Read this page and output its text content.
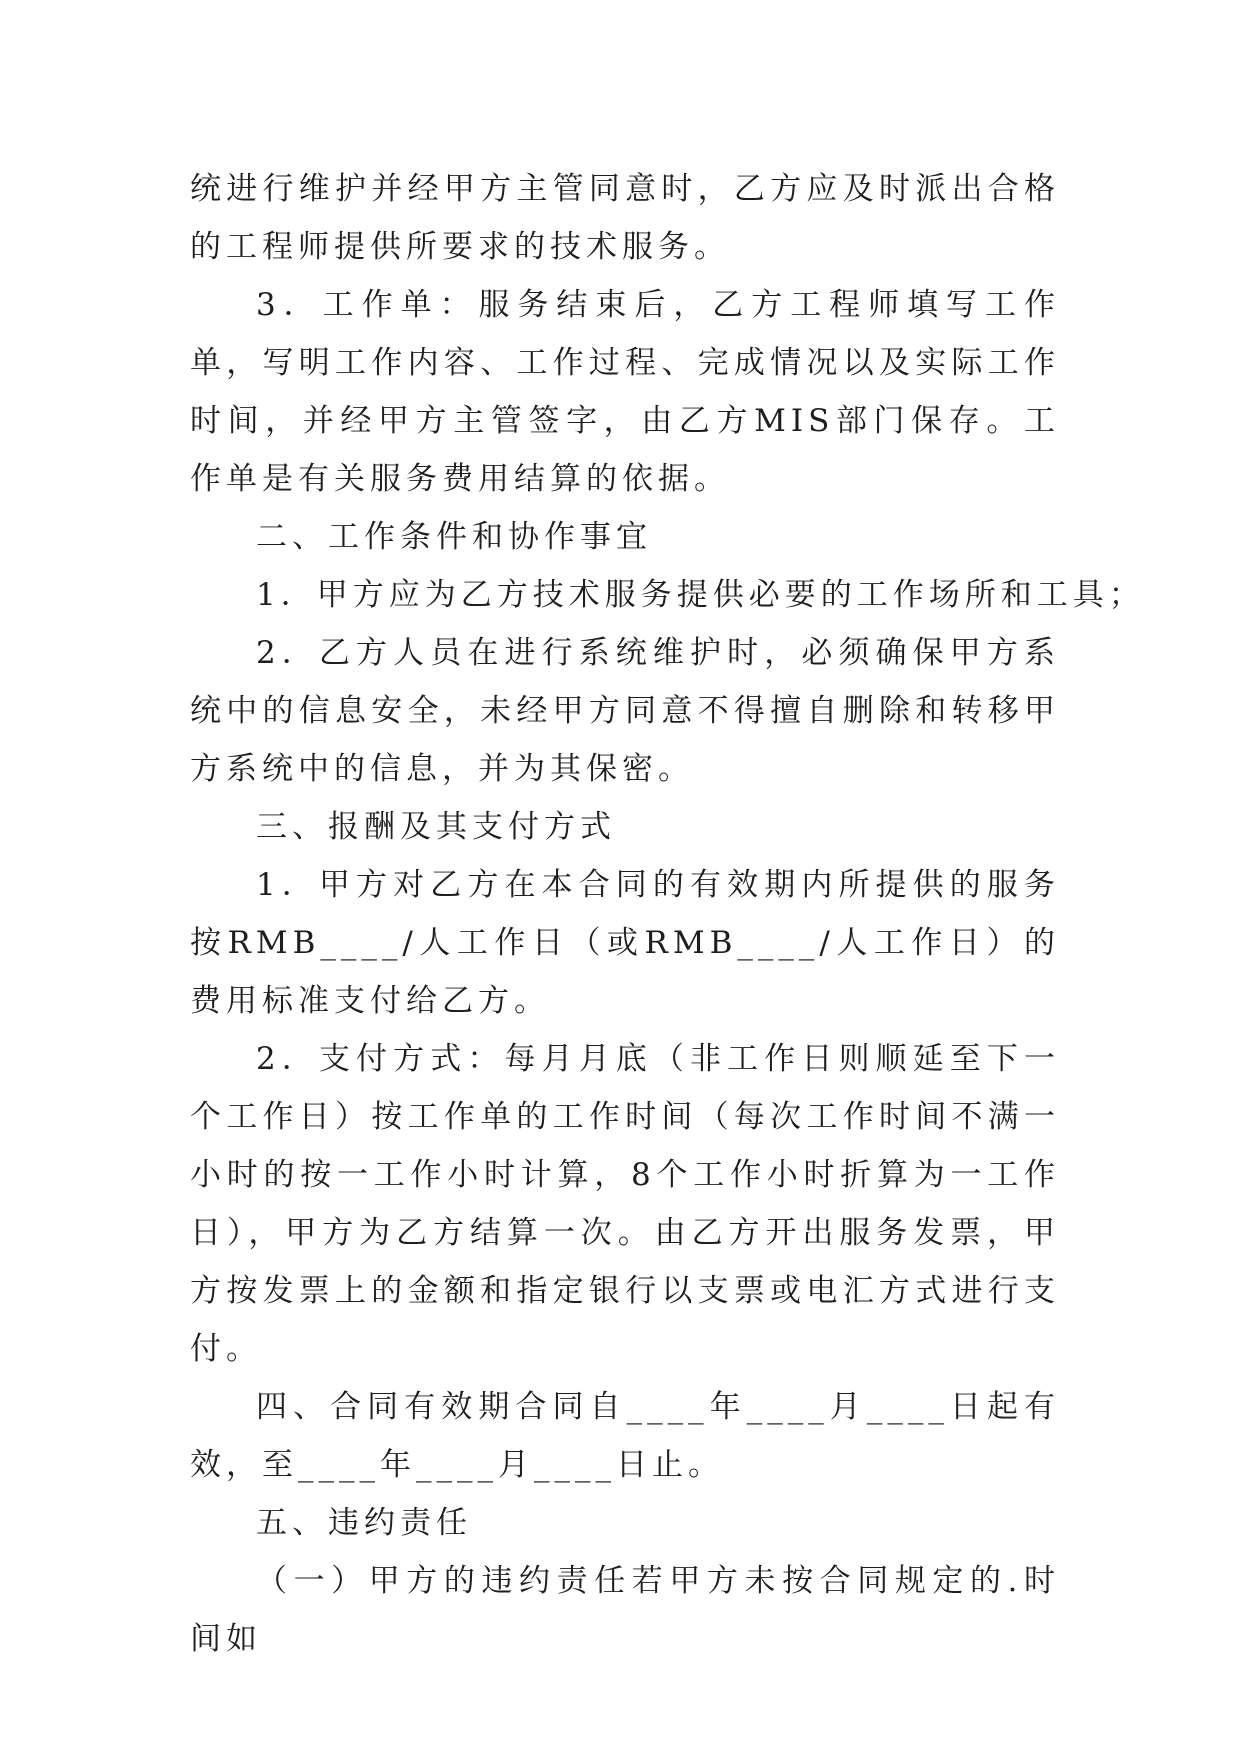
统进行维护并经甲方主管同意时，乙方应及时派出合格的工程师提供所要求的技术服务。

3．工作单：服务结束后，乙方工程师填写工作单，写明工作内容、工作过程、完成情况以及实际工作时间，并经甲方主管签字，由乙方MIS部门保存。工作单是有关服务费用结算的依据。

二、工作条件和协作事宜

1．甲方应为乙方技术服务提供必要的工作场所和工具；

2．乙方人员在进行系统维护时，必须确保甲方系统中的信息安全，未经甲方同意不得擅自删除和转移甲方系统中的信息，并为其保密。

三、报酬及其支付方式

1．甲方对乙方在本合同的有效期内所提供的服务按RMB____/人工作日（或RMB____/人工作日）的费用标准支付给乙方。

2．支付方式：每月月底（非工作日则顺延至下一个工作日）按工作单的工作时间（每次工作时间不满一小时的按一工作小时计算，8个工作小时折算为一工作日），甲方为乙方结算一次。由乙方开出服务发票，甲方按发票上的金额和指定银行以支票或电汇方式进行支付。

四、合同有效期合同自____年____月____日起有效，至____年____月____日止。

五、违约责任

（一）甲方的违约责任若甲方未按合同规定的.时间如
